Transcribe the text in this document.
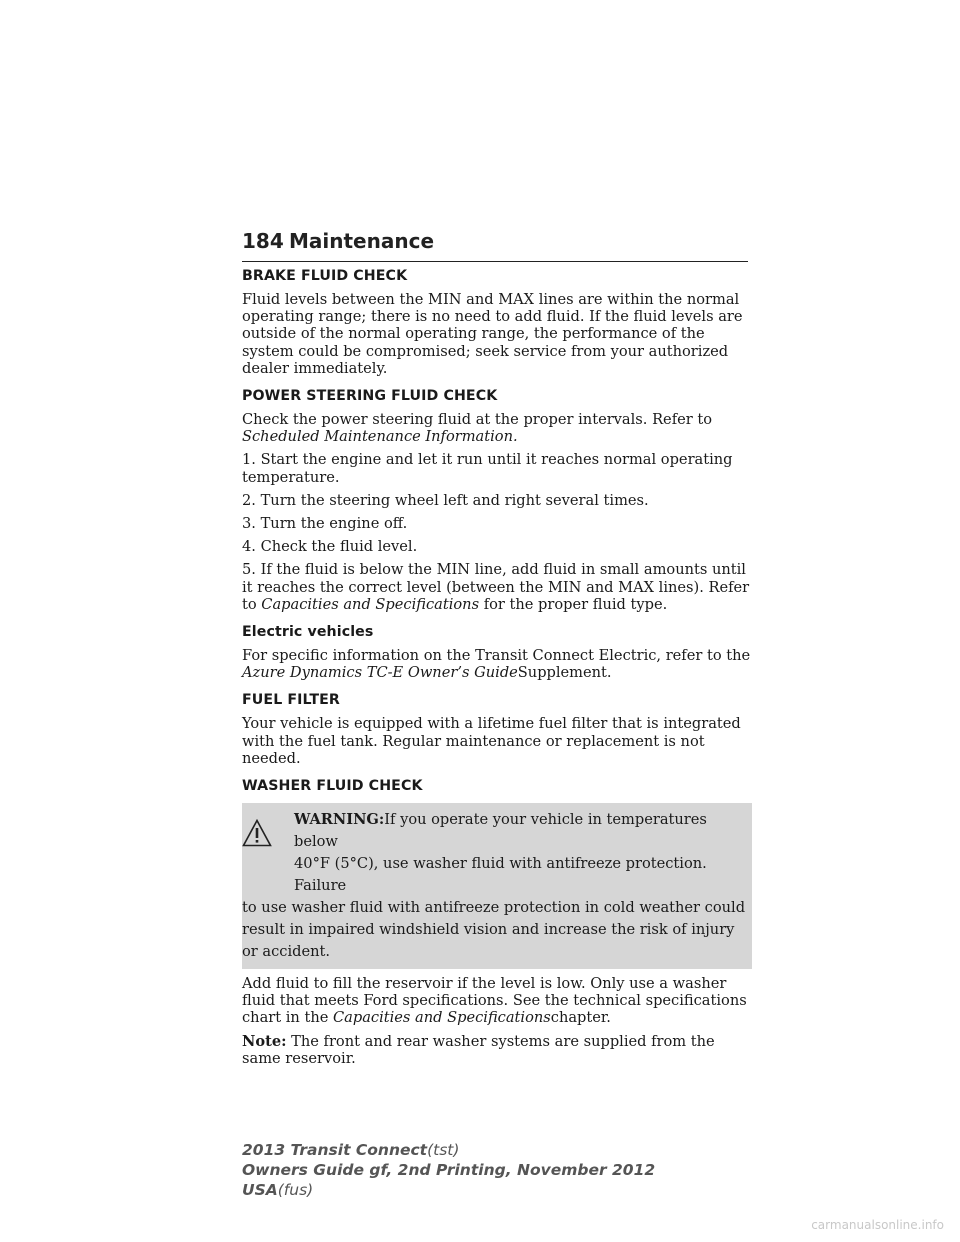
184 Maintenance
BRAKE FLUID CHECK
Fluid levels between the MIN and MAX lines are within the normal operating range; there is no need to add fluid. If the fluid levels are outside of the normal operating range, the performance of the system could be compromised; seek service from your authorized dealer immediately.
POWER STEERING FLUID CHECK
Check the power steering fluid at the proper intervals. Refer to
Scheduled Maintenance Information.
1. Start the engine and let it run until it reaches normal operating temperature.
2. Turn the steering wheel left and right several times.
3. Turn the engine off.
4. Check the fluid level.
5. If the fluid is below the MIN line, add fluid in small amounts until it reaches the correct level (between the MIN and MAX lines). Refer to Capacities and Specifications for the proper fluid type.
Electric vehicles
For specific information on the Transit Connect Electric, refer to the
Azure Dynamics TC-E Owner’s GuideSupplement.
FUEL FILTER
Your vehicle is equipped with a lifetime fuel filter that is integrated with the fuel tank. Regular maintenance or replacement is not needed.
WASHER FLUID CHECK
WARNING:If you operate your vehicle in temperatures below
40°F (5°C), use washer fluid with antifreeze protection. Failure
to use washer fluid with antifreeze protection in cold weather could result in impaired windshield vision and increase the risk of injury or accident.
Add fluid to fill the reservoir if the level is low. Only use a washer fluid that meets Ford specifications. See the technical specifications chart in the Capacities and Specificationschapter.
Note: The front and rear washer systems are supplied from the same reservoir.
2013 Transit Connect(tst)
Owners Guide gf, 2nd Printing, November 2012
USA(fus)
carmanualsonline.info
